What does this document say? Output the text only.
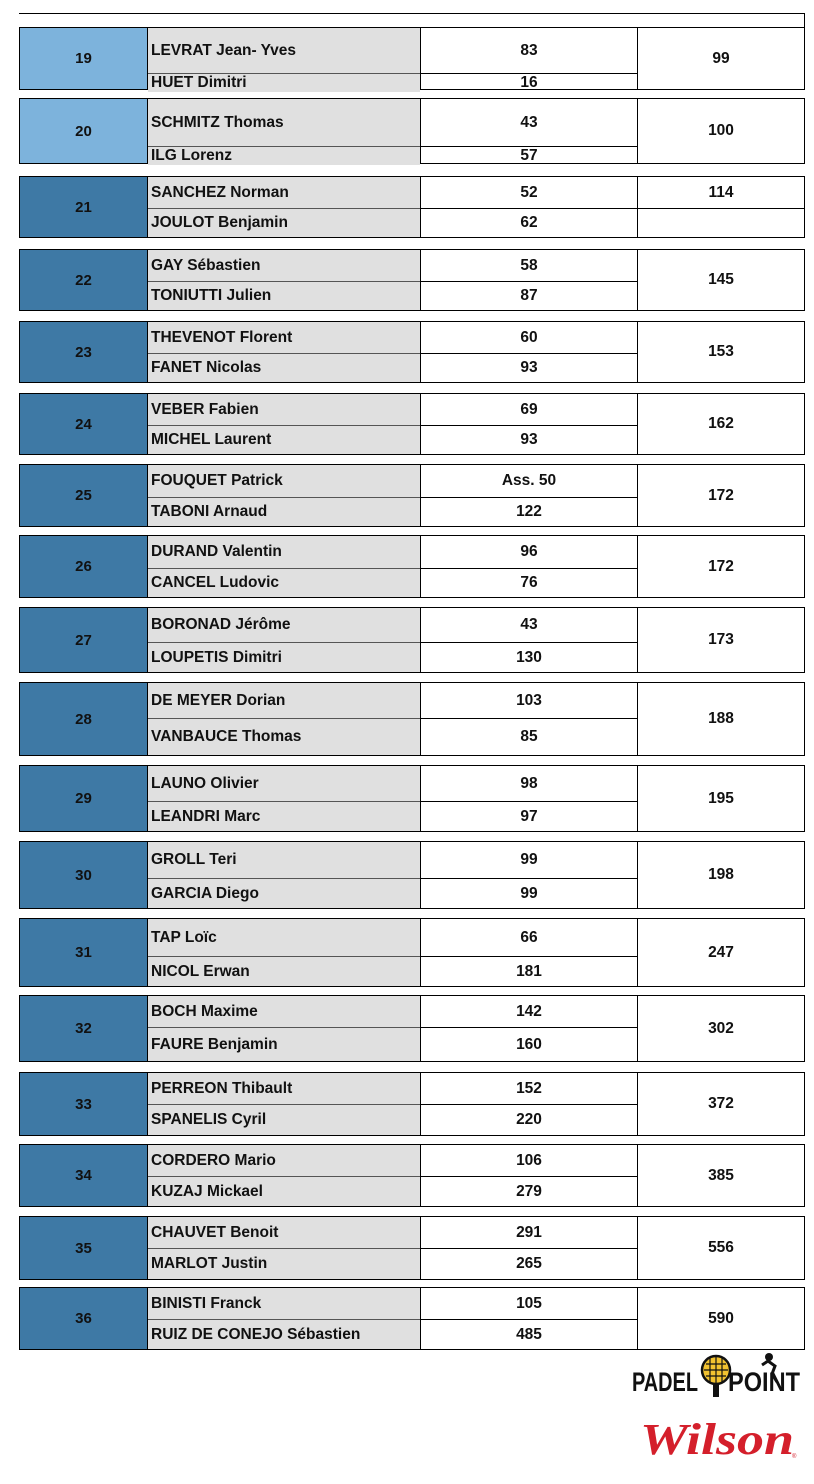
19	LEVRAT Jean- Yves
HUET Dimitri
83
16
99
20
SCHMITZ Thomas
ILG Lorenz
43
57
100
21
SANCHEZ Norman
JOULOT Benjamin
52
62
114
22
GAY Sébastien
TONIUTTI Julien
58
87
145
23
THEVENOT Florent
FANET Nicolas
60
93
153
24
VEBER Fabien
MICHEL Laurent
69
93
162
25
FOUQUET Patrick
TABONI Arnaud
Ass. 50
122
172
26
DURAND Valentin
CANCEL Ludovic
96
76
172
27
BORONAD Jérôme
LOUPETIS Dimitri
43
130
173
28
DE MEYER Dorian
VANBAUCE Thomas
103
85
188
29
LAUNO Olivier
LEANDRI Marc
98
97
195
30
GROLL Teri
GARCIA Diego
99
99
198
31
TAP Loïc
NICOL Erwan
66
181
247
32
BOCH Maxime
FAURE Benjamin
142
160
302
33
PERREON Thibault
SPANELIS Cyril
152
220
372
34
CORDERO Mario
KUZAJ Mickael
106
279
385
35
CHAUVET Benoit
MARLOT Justin
291
265
556
36
BINISTI Franck
RUIZ DE CONEJO Sébastien
105
485
590
PADEL POINT
Wilson
®
